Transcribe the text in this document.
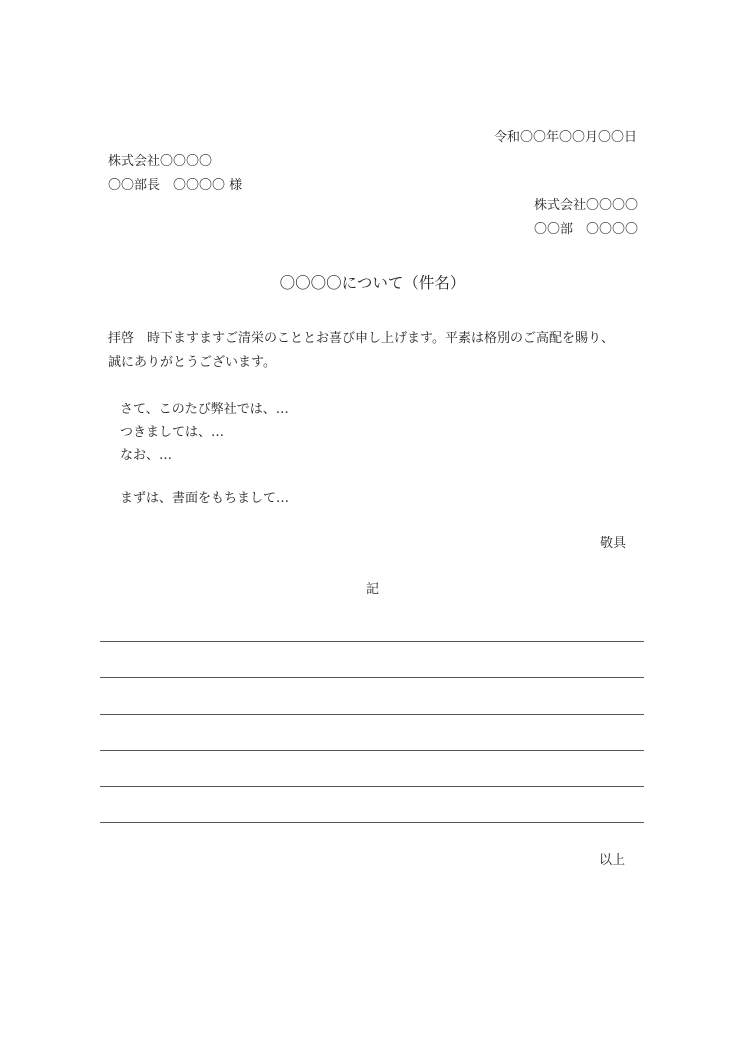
令和〇〇年〇〇月〇〇日
株式会社〇〇〇〇
〇〇部長　〇〇〇〇 様
株式会社〇〇〇〇
〇〇部　〇〇〇〇
〇〇〇〇について（件名）
拝啓　時下ますますご清栄のこととお喜び申し上げます。平素は格別のご高配を賜り、
誠にありがとうございます。
さて、このたび弊社では、…
つきましては、…
なお、…
まずは、書面をもちまして…
敬具
記
以上
